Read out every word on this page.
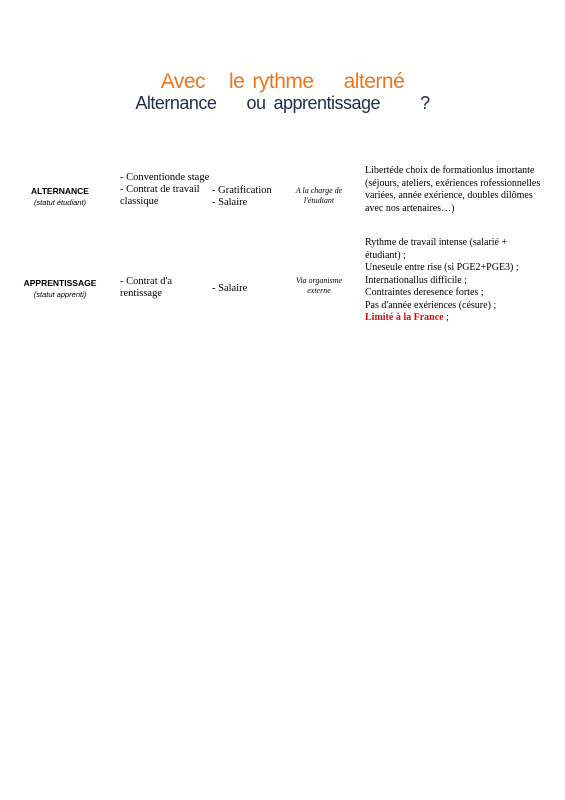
Avec le rythme alterné
Alternance ou apprentissage ?
ALTERNANCE
(statut étudiant)
- Conventionde stage
- Contrat de travail classique
- Gratification
- Salaire
A la charge de l'étudiant
Libertéde choix de formationlus imortante (séjours, ateliers, exériences rofessionnelles variées, année exérience, doubles dilômes avec nos artenaires…)
APPRENTISSAGE
(statut apprenti)
- Contrat d'a rentissage	- Salaire
Via organisme externe
Rythme de travail intense (salarié + étudiant) ;
Uneseule entre rise (si PGE2+PGE3) ;
Internationallus difficile ;
Contraintes deresence fortes ;
Pas d'année exériences (césure) ;
Limité à la France ;
